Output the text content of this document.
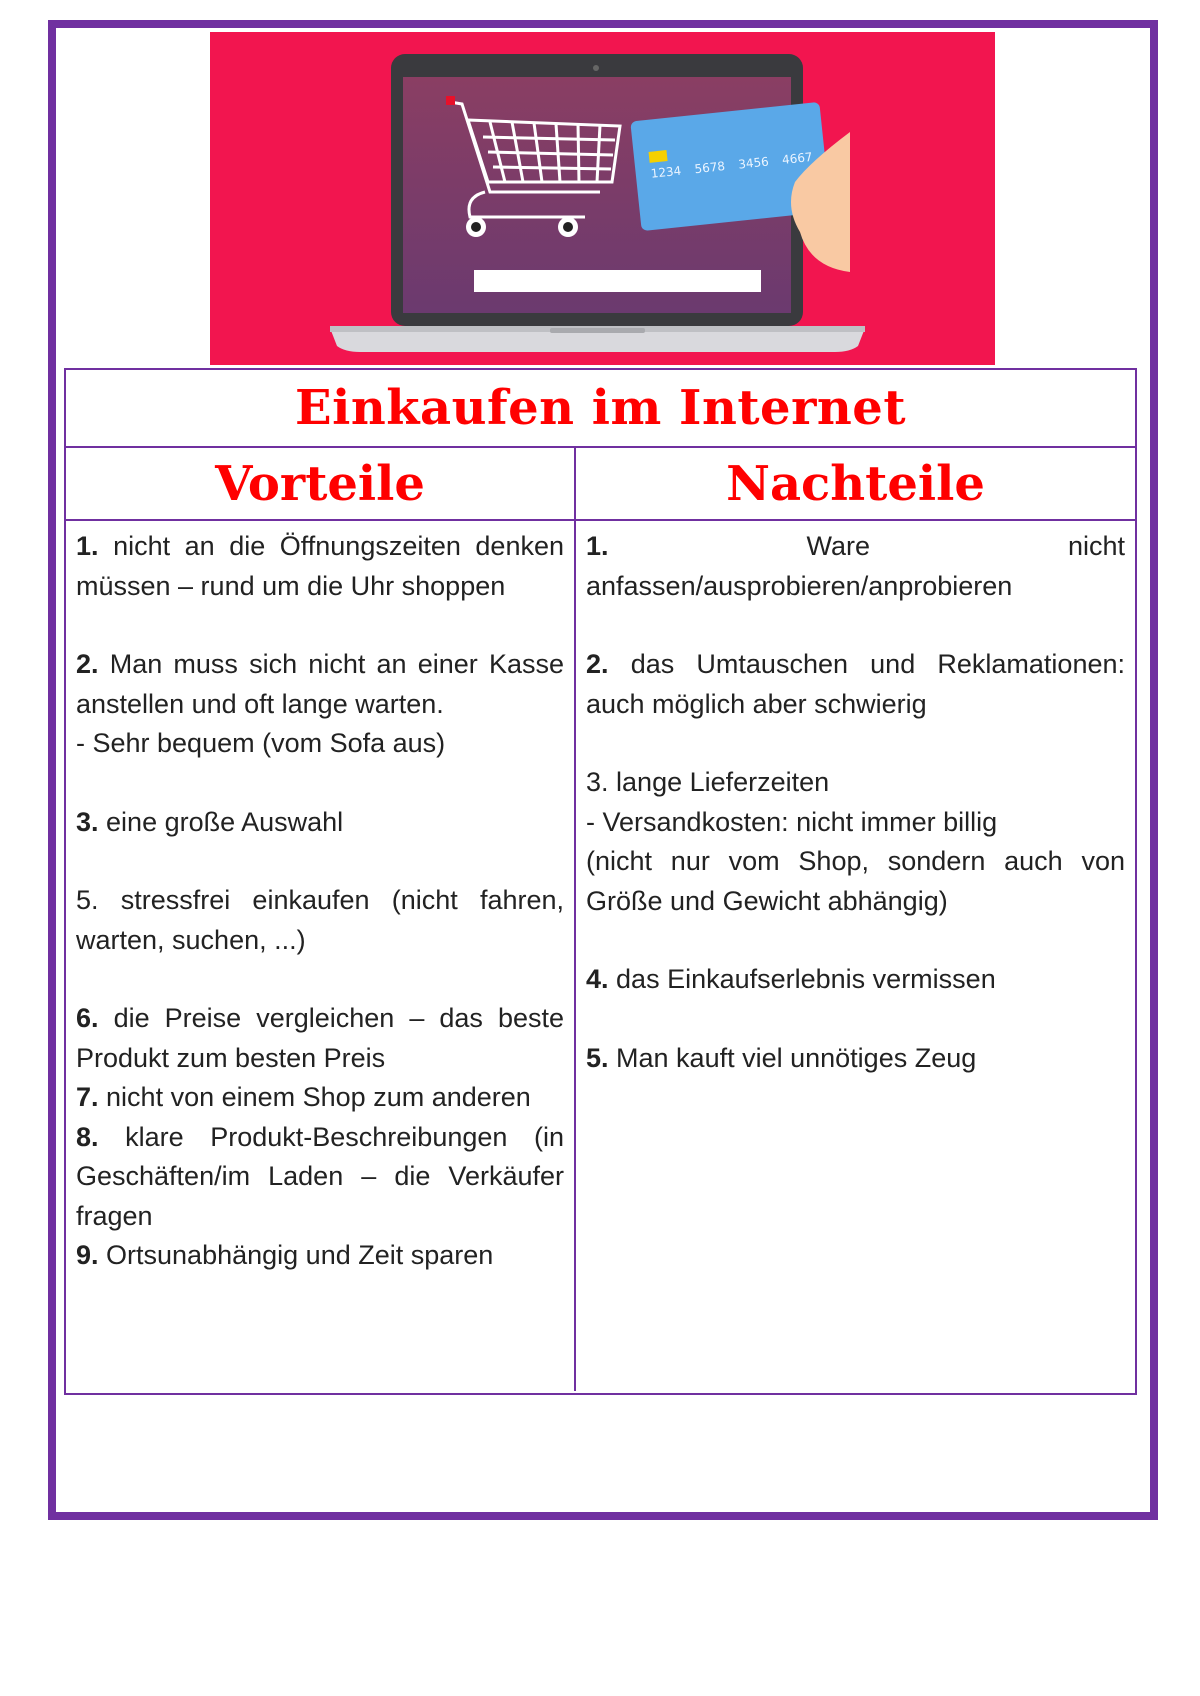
1234 5678 3456 4667
Einkaufen im Internet
Vorteile	Nachteile

1. nicht an die Öffnungszeiten denken müssen – rund um die Uhr shoppen

2. Man muss sich nicht an einer Kasse anstellen und oft lange warten.

- Sehr bequem (vom Sofa aus)

3. eine große Auswahl

5. stressfrei einkaufen (nicht fahren, warten, suchen, ...)

6. die Preise vergleichen – das beste Produkt zum besten Preis

7. nicht von einem Shop zum anderen

8. klare Produkt-Beschreibungen (in Geschäften/im Laden – die Verkäufer fragen

9. Ortsunabhängig und Zeit sparen

1. Ware nicht anfassen/ausprobieren/anprobieren

2. das Umtauschen und Reklamationen: auch möglich aber schwierig

3. lange Lieferzeiten

- Versandkosten: nicht immer billig

(nicht nur vom Shop, sondern auch von Größe und Gewicht abhängig)

4. das Einkaufserlebnis vermissen

5. Man kauft viel unnötiges Zeug
